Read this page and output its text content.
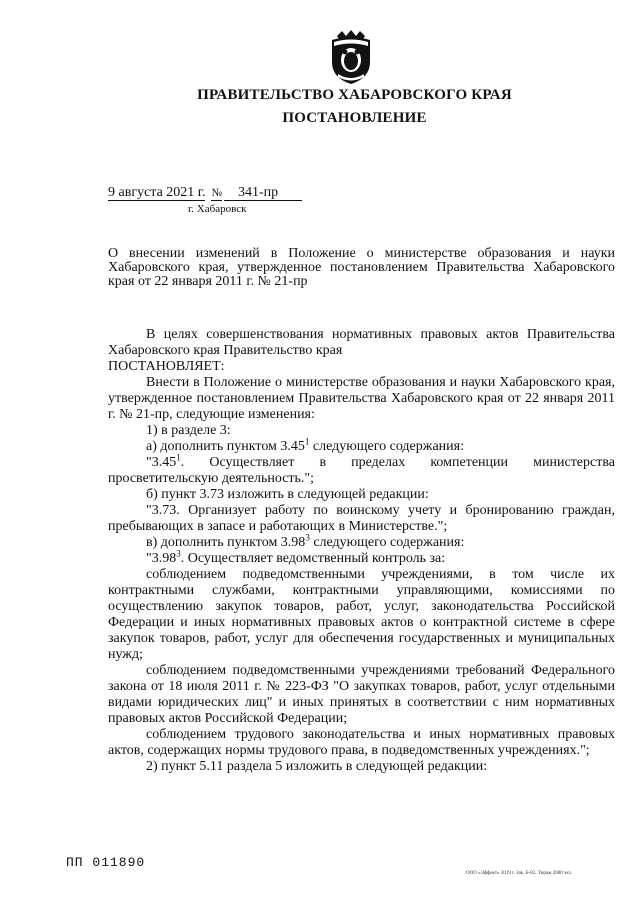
ПРАВИТЕЛЬСТВО ХАБАРОВСКОГО КРАЯ
ПОСТАНОВЛЕНИЕ
9 августа 2021 г. № 341-пр
г. Хабаровск
О внесении изменений в Положение о министерстве образования и науки Хабаровского края, утвержденное постановлением Правительства Хабаровского края от 22 января 2011 г. № 21-пр

В целях совершенствования нормативных правовых актов Правительства Хабаровского края Правительство края

ПОСТАНОВЛЯЕТ:

Внести в Положение о министерстве образования и науки Хабаровского края, утвержденное постановлением Правительства Хабаровского края от 22 января 2011 г. № 21-пр, следующие изменения:

1) в разделе 3:

а) дополнить пунктом 3.45$^1$ следующего содержания:

"3.45$^1$. Осуществляет в пределах компетенции министерства просветительскую деятельность.";

б) пункт 3.73 изложить в следующей редакции:

"3.73. Организует работу по воинскому учету и бронированию граждан, пребывающих в запасе и работающих в Министерстве.";

в) дополнить пунктом 3.98$^3$ следующего содержания:

"3.98$^3$. Осуществляет ведомственный контроль за:

соблюдением подведомственными учреждениями, в том числе их контрактными службами, контрактными управляющими, комиссиями по осуществлению закупок товаров, работ, услуг, законодательства Российской Федерации и иных нормативных правовых актов о контрактной системе в сфере закупок товаров, работ, услуг для обеспечения государственных и муниципальных нужд;

соблюдением подведомственными учреждениями требований Федерального закона от 18 июля 2011 г. № 223-ФЗ "О закупках товаров, работ, услуг отдельными видами юридических лиц" и иных принятых в соответствии с ним нормативных правовых актов Российской Федерации;

соблюдением трудового законодательства и иных нормативных правовых актов, содержащих нормы трудового права, в подведомственных учреждениях.";

2) пункт 5.11 раздела 5 изложить в следующей редакции:

ПП 011890
ООО «Эффект» 2019 г. Зак. Б-82. Тираж 2000 экз.
